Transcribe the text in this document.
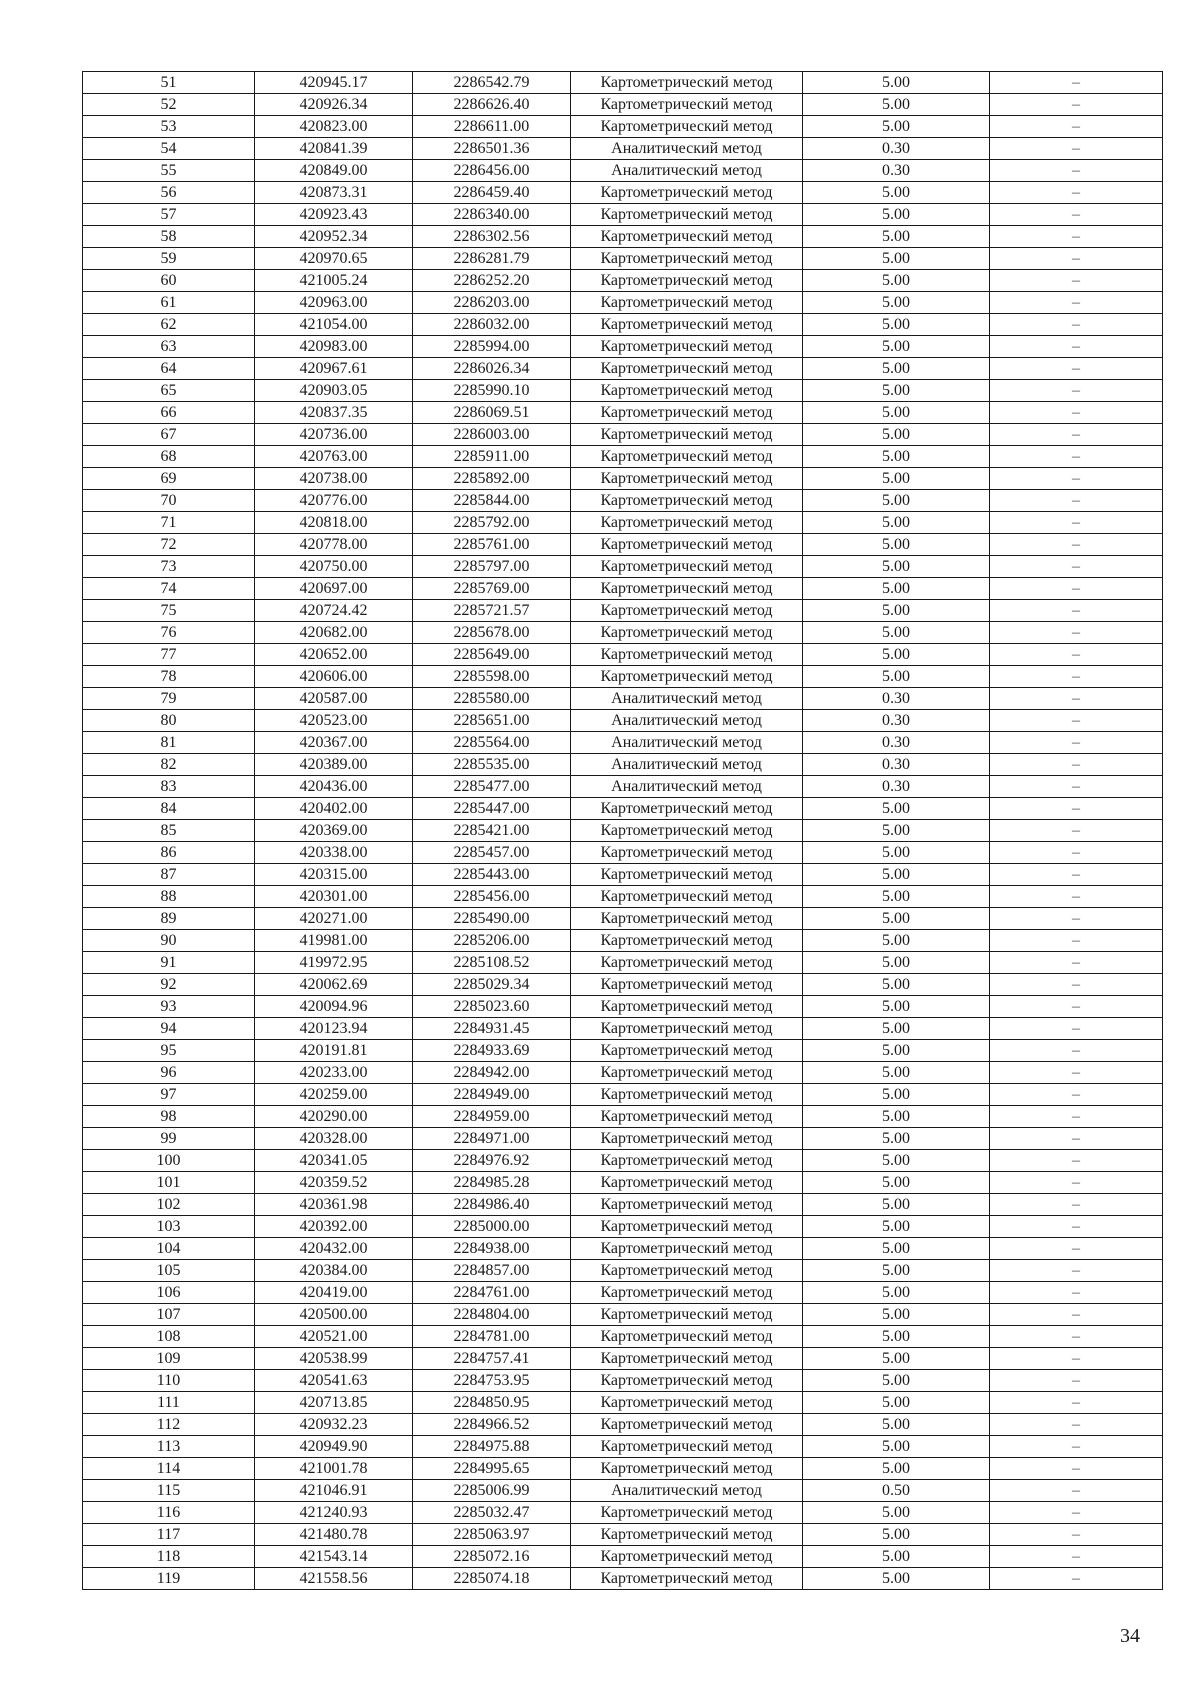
51	420945.17	2286542.79	Картометрический метод	5.00	–
52	420926.34	2286626.40	Картометрический метод	5.00	–
53	420823.00	2286611.00	Картометрический метод	5.00	–
54	420841.39	2286501.36	Аналитический метод	0.30	–
55	420849.00	2286456.00	Аналитический метод	0.30	–
56	420873.31	2286459.40	Картометрический метод	5.00	–
57	420923.43	2286340.00	Картометрический метод	5.00	–
58	420952.34	2286302.56	Картометрический метод	5.00	–
59	420970.65	2286281.79	Картометрический метод	5.00	–
60	421005.24	2286252.20	Картометрический метод	5.00	–
61	420963.00	2286203.00	Картометрический метод	5.00	–
62	421054.00	2286032.00	Картометрический метод	5.00	–
63	420983.00	2285994.00	Картометрический метод	5.00	–
64	420967.61	2286026.34	Картометрический метод	5.00	–
65	420903.05	2285990.10	Картометрический метод	5.00	–
66	420837.35	2286069.51	Картометрический метод	5.00	–
67	420736.00	2286003.00	Картометрический метод	5.00	–
68	420763.00	2285911.00	Картометрический метод	5.00	–
69	420738.00	2285892.00	Картометрический метод	5.00	–
70	420776.00	2285844.00	Картометрический метод	5.00	–
71	420818.00	2285792.00	Картометрический метод	5.00	–
72	420778.00	2285761.00	Картометрический метод	5.00	–
73	420750.00	2285797.00	Картометрический метод	5.00	–
74	420697.00	2285769.00	Картометрический метод	5.00	–
75	420724.42	2285721.57	Картометрический метод	5.00	–
76	420682.00	2285678.00	Картометрический метод	5.00	–
77	420652.00	2285649.00	Картометрический метод	5.00	–
78	420606.00	2285598.00	Картометрический метод	5.00	–
79	420587.00	2285580.00	Аналитический метод	0.30	–
80	420523.00	2285651.00	Аналитический метод	0.30	–
81	420367.00	2285564.00	Аналитический метод	0.30	–
82	420389.00	2285535.00	Аналитический метод	0.30	–
83	420436.00	2285477.00	Аналитический метод	0.30	–
84	420402.00	2285447.00	Картометрический метод	5.00	–
85	420369.00	2285421.00	Картометрический метод	5.00	–
86	420338.00	2285457.00	Картометрический метод	5.00	–
87	420315.00	2285443.00	Картометрический метод	5.00	–
88	420301.00	2285456.00	Картометрический метод	5.00	–
89	420271.00	2285490.00	Картометрический метод	5.00	–
90	419981.00	2285206.00	Картометрический метод	5.00	–
91	419972.95	2285108.52	Картометрический метод	5.00	–
92	420062.69	2285029.34	Картометрический метод	5.00	–
93	420094.96	2285023.60	Картометрический метод	5.00	–
94	420123.94	2284931.45	Картометрический метод	5.00	–
95	420191.81	2284933.69	Картометрический метод	5.00	–
96	420233.00	2284942.00	Картометрический метод	5.00	–
97	420259.00	2284949.00	Картометрический метод	5.00	–
98	420290.00	2284959.00	Картометрический метод	5.00	–
99	420328.00	2284971.00	Картометрический метод	5.00	–
100	420341.05	2284976.92	Картометрический метод	5.00	–
101	420359.52	2284985.28	Картометрический метод	5.00	–
102	420361.98	2284986.40	Картометрический метод	5.00	–
103	420392.00	2285000.00	Картометрический метод	5.00	–
104	420432.00	2284938.00	Картометрический метод	5.00	–
105	420384.00	2284857.00	Картометрический метод	5.00	–
106	420419.00	2284761.00	Картометрический метод	5.00	–
107	420500.00	2284804.00	Картометрический метод	5.00	–
108	420521.00	2284781.00	Картометрический метод	5.00	–
109	420538.99	2284757.41	Картометрический метод	5.00	–
110	420541.63	2284753.95	Картометрический метод	5.00	–
111	420713.85	2284850.95	Картометрический метод	5.00	–
112	420932.23	2284966.52	Картометрический метод	5.00	–
113	420949.90	2284975.88	Картометрический метод	5.00	–
114	421001.78	2284995.65	Картометрический метод	5.00	–
115	421046.91	2285006.99	Аналитический метод	0.50	–
116	421240.93	2285032.47	Картометрический метод	5.00	–
117	421480.78	2285063.97	Картометрический метод	5.00	–
118	421543.14	2285072.16	Картометрический метод	5.00	–
119	421558.56	2285074.18	Картометрический метод	5.00	–
34
